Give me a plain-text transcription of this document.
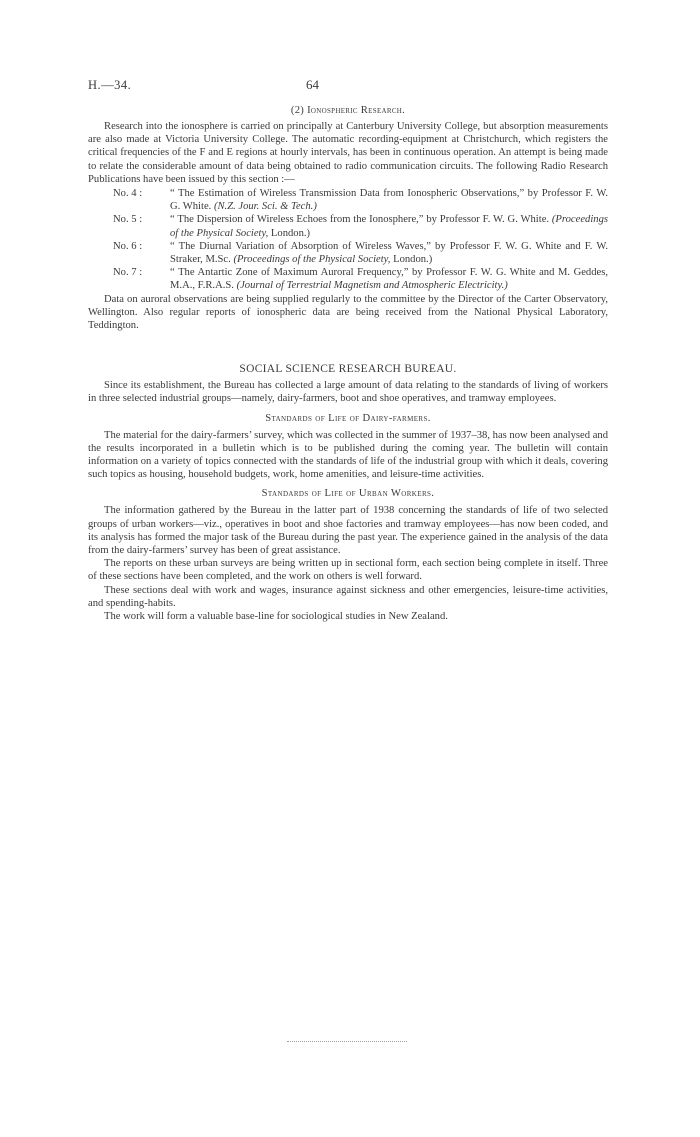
H.—34.	64
(2) Ionospheric Research.

Research into the ionosphere is carried on principally at Canterbury University College, but absorption measurements are also made at Victoria University College. The automatic recording-equipment at Christchurch, which registers the critical frequencies of the F and E regions at hourly intervals, has been in continuous operation. An attempt is being made to relate the considerable amount of data being obtained to radio communication circuits. The following Radio Research Publications have been issued by this section :—

No. 4 :	“ The Estimation of Wireless Transmission Data from Ionospheric Observations,” by Professor F. W. G. White. (N.Z. Jour. Sci. & Tech.)
No. 5 :	“ The Dispersion of Wireless Echoes from the Ionosphere,” by Professor F. W. G. White. (Proceedings of the Physical Society, London.)
No. 6 :	“ The Diurnal Variation of Absorption of Wireless Waves,” by Professor F. W. G. White and F. W. Straker, M.Sc. (Proceedings of the Physical Society, London.)
No. 7 :	“ The Antartic Zone of Maximum Auroral Frequency,” by Professor F. W. G. White and M. Geddes, M.A., F.R.A.S. (Journal of Terrestrial Magnetism and Atmospheric Electricity.)

Data on auroral observations are being supplied regularly to the committee by the Director of the Carter Observatory, Wellington. Also regular reports of ionospheric data are being received from the National Physical Laboratory, Teddington.

SOCIAL SCIENCE RESEARCH BUREAU.

Since its establishment, the Bureau has collected a large amount of data relating to the standards of living of workers in three selected industrial groups—namely, dairy-farmers, boot and shoe operatives, and tramway employees.

Standards of Life of Dairy-farmers.

The material for the dairy-farmers’ survey, which was collected in the summer of 1937–38, has now been analysed and the results incorporated in a bulletin which is to be published during the coming year. The bulletin will contain information on a variety of topics connected with the standards of life of the industrial group with which it deals, covering such topics as housing, household budgets, work, home amenities, and leisure-time activities.

Standards of Life of Urban Workers.

The information gathered by the Bureau in the latter part of 1938 concerning the standards of life of two selected groups of urban workers—viz., operatives in boot and shoe factories and tramway employees—has now been coded, and its analysis has formed the major task of the Bureau during the past year. The experience gained in the analysis of the data from the dairy-farmers’ survey has been of great assistance.

The reports on these urban surveys are being written up in sectional form, each section being complete in itself. Three of these sections have been completed, and the work on others is well forward.

These sections deal with work and wages, insurance against sickness and other emergencies, leisure-time activities, and spending-habits.

The work will form a valuable base-line for sociological studies in New Zealand.
